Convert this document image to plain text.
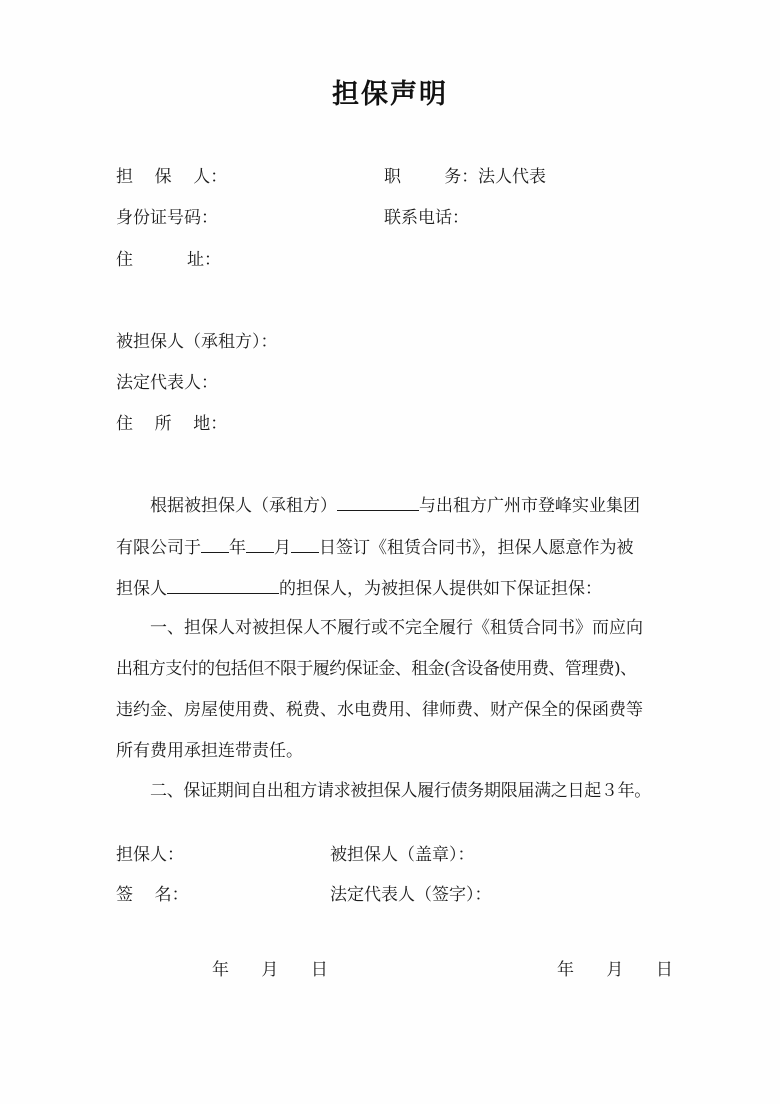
担保声明
担    保    人：	职        务： 法人代表
身份证号码：	联系电话：
住          址：
被担保人（承租方）：
法定代表人：
住    所    地：
根据被担保人（承租方）	与出租方广州市登峰实业集团
有限公司于 年 月 日签订《租赁合同书》，担保人愿意作为被
担保人	的担保人，为被担保人提供如下保证担保：
一、担保人对被担保人不履行或不完全履行《租赁合同书》而应向
出租方支付的包括但不限于履约保证金、租金(含设备使用费、管理费)、
违约金、房屋使用费、税费、水电费用、律师费、财产保全的保函费等
所有费用承担连带责任。
二、保证期间自出租方请求被担保人履行债务期限届满之日起３年。
担保人：	被担保人（盖章）：
签    名：	法定代表人（签字）：
年      月      日	年      月      日
